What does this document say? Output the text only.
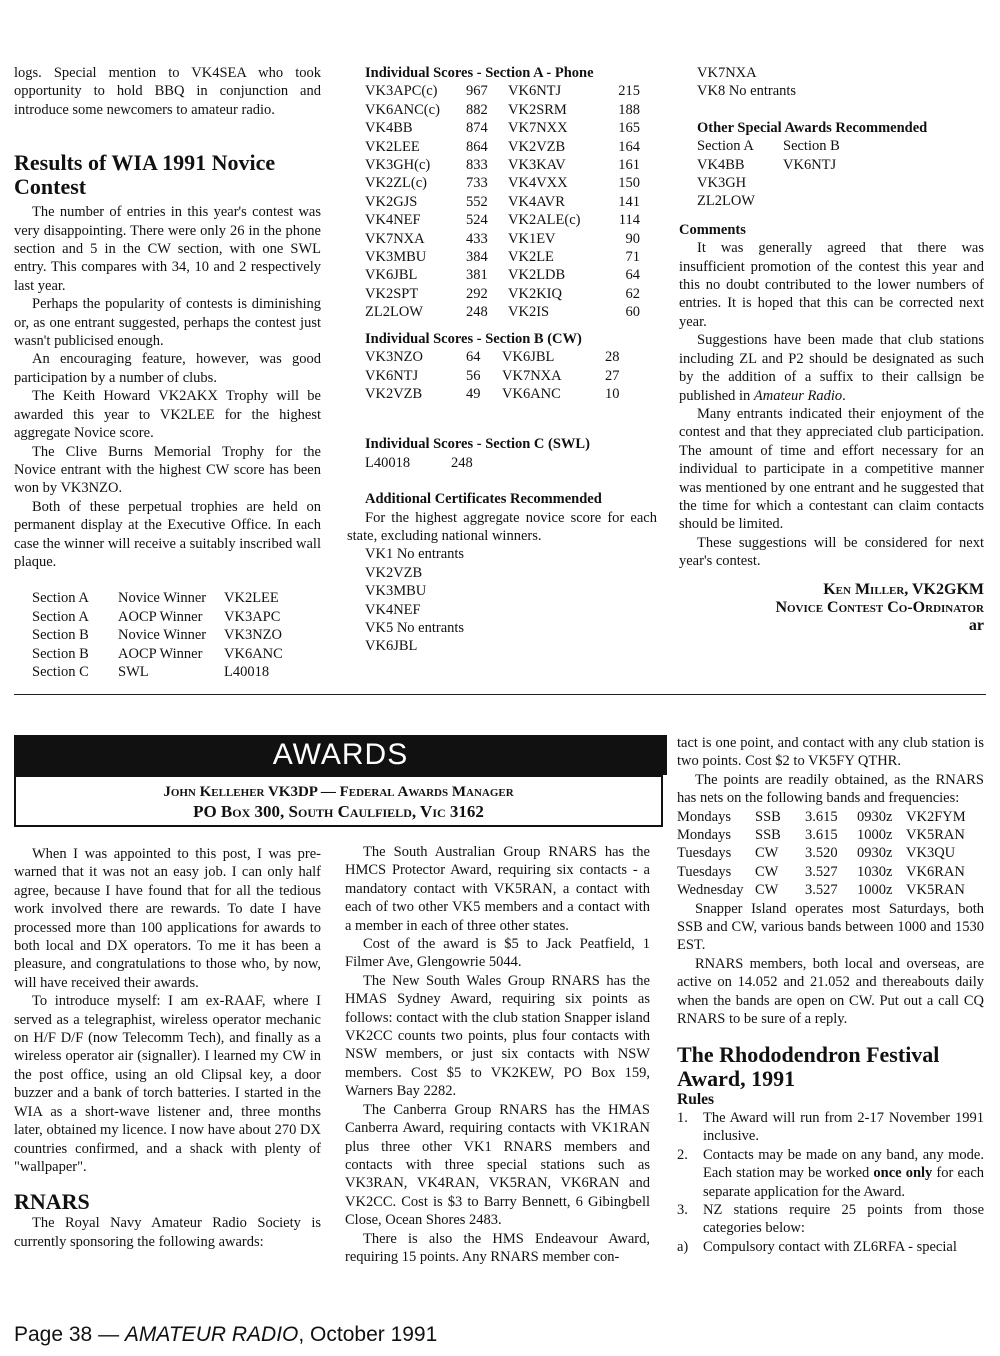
logs. Special mention to VK4SEA who took opportunity to hold BBQ in conjunction and introduce some newcomers to amateur radio.

Results of WIA 1991 Novice Contest

The number of entries in this year's contest was very disappointing. There were only 26 in the phone section and 5 in the CW section, with one SWL entry. This compares with 34, 10 and 2 respectively last year.

Perhaps the popularity of contests is diminishing or, as one entrant suggested, perhaps the contest just wasn't publicised enough.

An encouraging feature, however, was good participation by a number of clubs.

The Keith Howard VK2AKX Trophy will be awarded this year to VK2LEE for the highest aggregate Novice score.

The Clive Burns Memorial Trophy for the Novice entrant with the highest CW score has been won by VK3NZO.

Both of these perpetual trophies are held on permanent display at the Executive Office. In each case the winner will receive a suitably inscribed wall plaque.

Section A	Novice Winner	VK2LEE
Section A	AOCP Winner	VK3APC
Section B	Novice Winner	VK3NZO
Section B	AOCP Winner	VK6ANC
Section C	SWL	L40018
Individual Scores - Section A - Phone
VK3APC(c)	967	VK6NTJ	215
VK6ANC(c)	882	VK2SRM	188
VK4BB	874	VK7NXX	165
VK2LEE	864	VK2VZB	164
VK3GH(c)	833	VK3KAV	161
VK2ZL(c)	733	VK4VXX	150
VK2GJS	552	VK4AVR	141
VK4NEF	524	VK2ALE(c)	114
VK7NXA	433	VK1EV	90
VK3MBU	384	VK2LE	71
VK6JBL	381	VK2LDB	64
VK2SPT	292	VK2KIQ	62
ZL2LOW	248	VK2IS	60
Individual Scores - Section B (CW)
VK3NZO	64	VK6JBL	28
VK6NTJ	56	VK7NXA	27
VK2VZB	49	VK6ANC	10
Individual Scores - Section C (SWL)
L40018	248
Additional Certificates Recommended

For the highest aggregate novice score for each state, excluding national winners.

VK1 No entrants
VK2VZB
VK3MBU
VK4NEF
VK5 No entrants
VK6JBL
VK7NXA
VK8 No entrants
Other Special Awards Recommended
Section A	Section B
VK4BB	VK6NTJ
VK3GH	
ZL2LOW	
Comments

It was generally agreed that there was insufficient promotion of the contest this year and this no doubt contributed to the lower numbers of entries. It is hoped that this can be corrected next year.

Suggestions have been made that club stations including ZL and P2 should be designated as such by the addition of a suffix to their callsign be published in Amateur Radio.

Many entrants indicated their enjoyment of the contest and that they appreciated club participation. The amount of time and effort necessary for an individual to participate in a competitive manner was mentioned by one entrant and he suggested that the time for which a contestant can claim contacts should be limited.

These suggestions will be considered for next year's contest.

Ken Miller, VK2GKM
Novice Contest Co-Ordinator
ar
AWARDS
John Kelleher VK3DP — Federal Awards Manager
PO Box 300, South Caulfield, Vic 3162

When I was appointed to this post, I was pre-warned that it was not an easy job. I can only half agree, because I have found that for all the tedious work involved there are rewards. To date I have processed more than 100 applications for awards to both local and DX operators. To me it has been a pleasure, and congratulations to those who, by now, will have received their awards.

To introduce myself: I am ex-RAAF, where I served as a telegraphist, wireless operator mechanic on H/F D/F (now Telecomm Tech), and finally as a wireless operator air (signaller). I learned my CW in the post office, using an old Clipsal key, a door buzzer and a bank of torch batteries. I started in the WIA as a short-wave listener and, three months later, obtained my licence. I now have about 270 DX countries confirmed, and a shack with plenty of "wallpaper".

RNARS

The Royal Navy Amateur Radio Society is currently sponsoring the following awards:

The South Australian Group RNARS has the HMCS Protector Award, requiring six contacts - a mandatory contact with VK5RAN, a contact with each of two other VK5 members and a contact with a member in each of three other states.

Cost of the award is $5 to Jack Peatfield, 1 Filmer Ave, Glengowrie 5044.

The New South Wales Group RNARS has the HMAS Sydney Award, requiring six points as follows: contact with the club station Snapper island VK2CC counts two points, plus four contacts with NSW members, or just six contacts with NSW members. Cost $5 to VK2KEW, PO Box 159, Warners Bay 2282.

The Canberra Group RNARS has the HMAS Canberra Award, requiring contacts with VK1RAN plus three other VK1 RNARS members and contacts with three special stations such as VK3RAN, VK4RAN, VK5RAN, VK6RAN and VK2CC. Cost is $3 to Barry Bennett, 6 Gibingbell Close, Ocean Shores 2483.

There is also the HMS Endeavour Award, requiring 15 points. Any RNARS member con-

tact is one point, and contact with any club station is two points. Cost $2 to VK5FY QTHR.

The points are readily obtained, as the RNARS has nets on the following bands and frequencies:

Mondays	SSB	3.615	0930z	VK2FYM
Mondays	SSB	3.615	1000z	VK5RAN
Tuesdays	CW	3.520	0930z	VK3QU
Tuesdays	CW	3.527	1030z	VK6RAN
Wednesday	CW	3.527	1000z	VK5RAN

Snapper Island operates most Saturdays, both SSB and CW, various bands between 1000 and 1530 EST.

RNARS members, both local and overseas, are active on 14.052 and 21.052 and thereabouts daily when the bands are open on CW. Put out a call CQ RNARS to be sure of a reply.

The Rhododendron Festival Award, 1991
Rules
1. The Award will run from 2-17 November 1991 inclusive.
2. Contacts may be made on any band, any mode. Each station may be worked once only for each separate application for the Award.
3. NZ stations require 25 points from those categories below:
a) Compulsory contact with ZL6RFA - special
Page 38 — AMATEUR RADIO, October 1991
